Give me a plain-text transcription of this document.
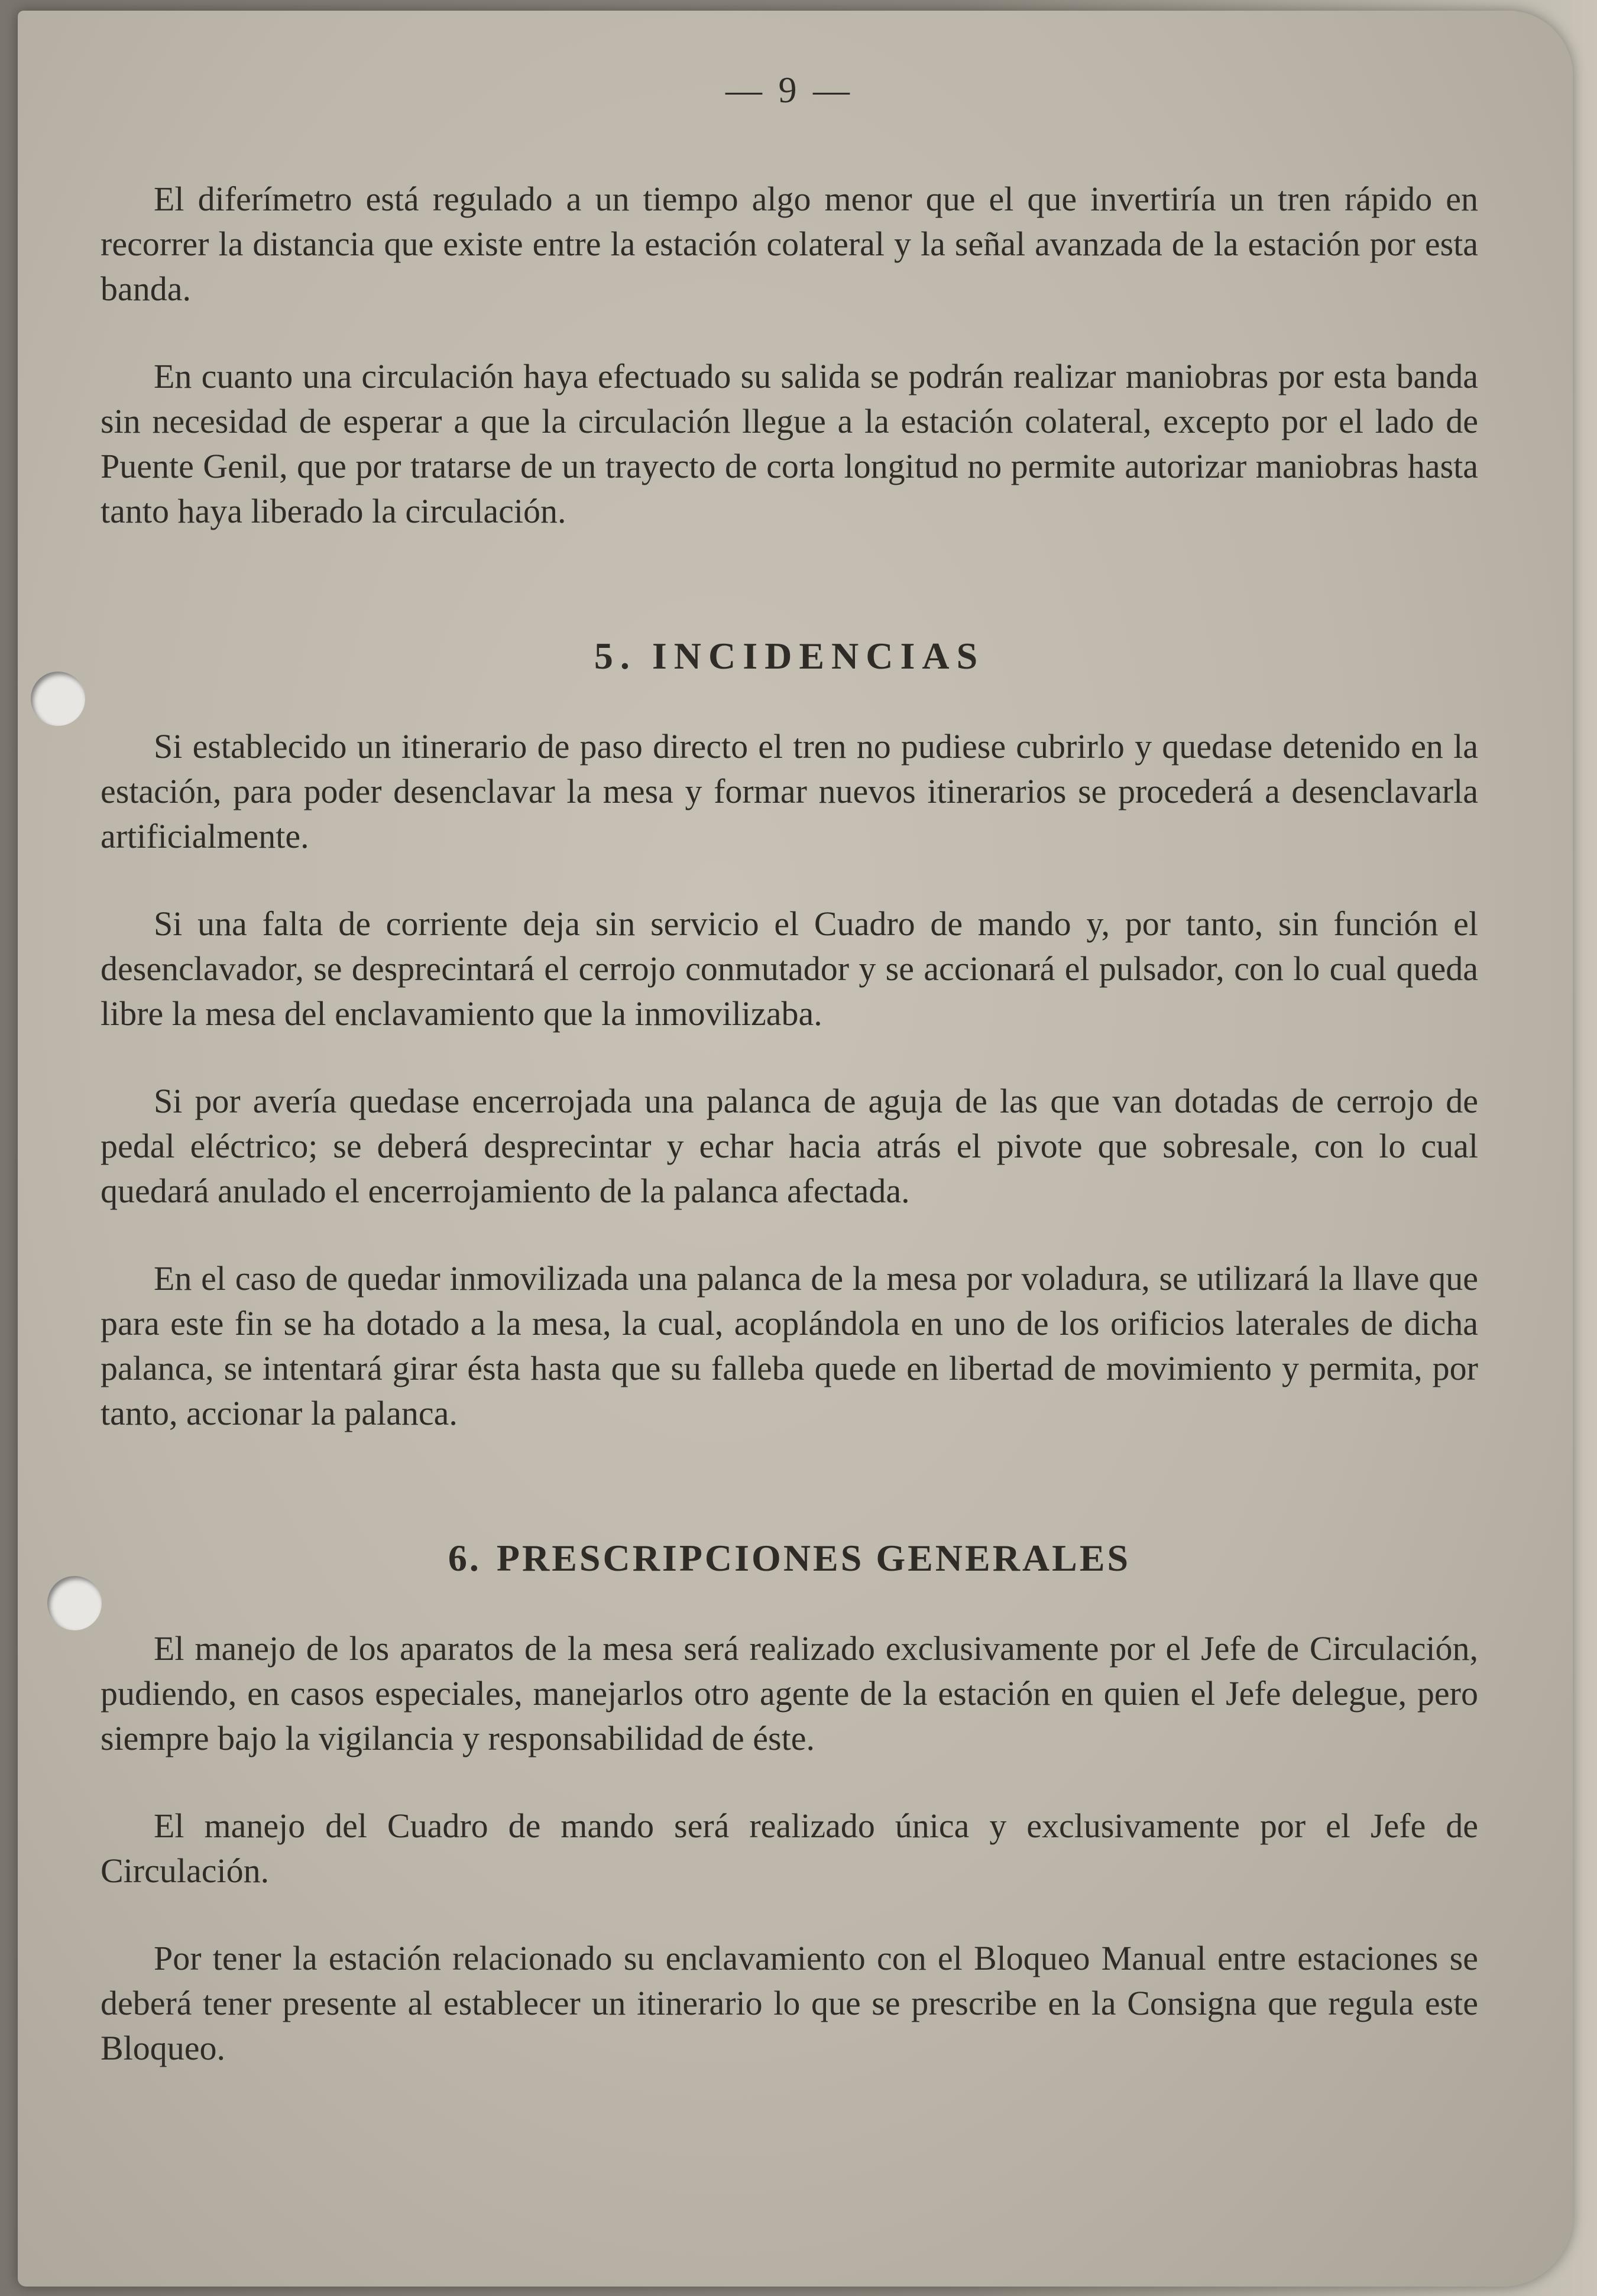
— 9 —

El diferímetro está regulado a un tiempo algo menor que el que invertiría un tren rápido en recorrer la distancia que existe entre la estación colateral y la señal avanzada de la estación por esta banda.

En cuanto una circulación haya efectuado su salida se podrán realizar maniobras por esta banda sin necesidad de esperar a que la circulación llegue a la estación colateral, excepto por el lado de Puente Genil, que por tratarse de un trayecto de corta longitud no permite autorizar maniobras hasta tanto haya liberado la circulación.

5. INCIDENCIAS

Si establecido un itinerario de paso directo el tren no pudiese cubrirlo y quedase detenido en la estación, para poder desenclavar la mesa y formar nuevos itinerarios se procederá a desenclavarla artificialmente.

Si una falta de corriente deja sin servicio el Cuadro de mando y, por tanto, sin función el desenclavador, se desprecintará el cerrojo conmutador y se accionará el pulsador, con lo cual queda libre la mesa del enclavamiento que la inmovilizaba.

Si por avería quedase encerrojada una palanca de aguja de las que van dotadas de cerrojo de pedal eléctrico; se deberá desprecintar y echar hacia atrás el pivote que sobresale, con lo cual quedará anulado el encerrojamiento de la palanca afectada.

En el caso de quedar inmovilizada una palanca de la mesa por voladura, se utilizará la llave que para este fin se ha dotado a la mesa, la cual, acoplándola en uno de los orificios laterales de dicha palanca, se intentará girar ésta hasta que su falleba quede en libertad de movimiento y permita, por tanto, accionar la palanca.

6. PRESCRIPCIONES GENERALES

El manejo de los aparatos de la mesa será realizado exclusivamente por el Jefe de Circulación, pudiendo, en casos especiales, manejarlos otro agente de la estación en quien el Jefe delegue, pero siempre bajo la vigilancia y responsabilidad de éste.

El manejo del Cuadro de mando será realizado única y exclusivamente por el Jefe de Circulación.

Por tener la estación relacionado su enclavamiento con el Bloqueo Manual entre estaciones se deberá tener presente al establecer un itinerario lo que se prescribe en la Consigna que regula este Bloqueo.
